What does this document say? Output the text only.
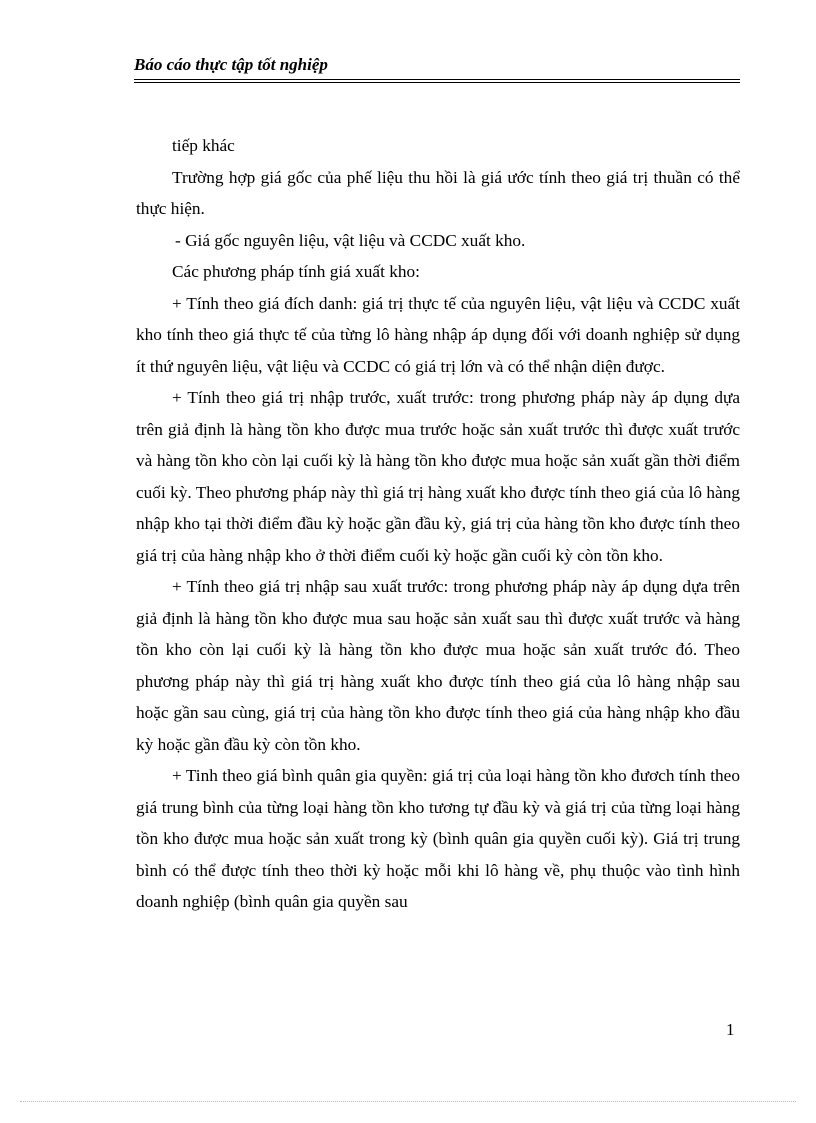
Báo cáo thực tập tốt nghiệp

tiếp khác

Trường hợp giá gốc của phế liệu thu hồi là giá ước tính theo giá trị thuần có thể thực hiện.

- Giá gốc nguyên liệu, vật liệu và CCDC xuất kho.

Các phương pháp tính giá xuất kho:

+ Tính theo giá đích danh: giá trị thực tế của nguyên liệu, vật liệu và CCDC xuất kho tính theo giá thực tế của từng lô hàng nhập áp dụng đối với doanh nghiệp sử dụng ít thứ nguyên liệu, vật liệu và CCDC có giá trị lớn và có thể nhận diện được.

+ Tính theo giá trị nhập trước, xuất trước: trong phương pháp này áp dụng dựa trên giả định là hàng tồn kho được mua trước hoặc sản xuất trước thì được xuất trước và hàng tồn kho còn lại cuối kỳ là hàng tồn kho được mua hoặc sản xuất gần thời điểm cuối kỳ. Theo phương pháp này thì giá trị hàng xuất kho được tính theo giá của lô hàng nhập kho tại thời điểm đầu kỳ hoặc gần đầu kỳ, giá trị của hàng tồn kho được tính theo giá trị của hàng nhập kho ở thời điểm cuối kỳ hoặc gần cuối kỳ còn tồn kho.

+ Tính theo giá trị nhập sau xuất trước: trong phương pháp này áp dụng dựa trên giả định là hàng tồn kho được mua sau hoặc sản xuất sau thì được xuất trước và hàng tồn kho còn lại cuối kỳ là hàng tồn kho được mua hoặc sản xuất trước đó. Theo phương pháp này thì giá trị hàng xuất kho được tính theo giá của lô hàng nhập sau hoặc gần sau cùng, giá trị của hàng tồn kho được tính theo giá của hàng nhập kho đầu kỳ hoặc gần đầu kỳ còn tồn kho.

+ Tinh theo giá bình quân gia quyền: giá trị của loại hàng tồn kho đươch tính theo giá trung bình của từng loại hàng tồn kho tương tự đầu kỳ và giá trị của từng loại hàng tồn kho được mua hoặc sản xuất trong kỳ (bình quân gia quyền cuối kỳ). Giá trị trung bình có thể được tính theo thời kỳ hoặc mỗi khi lô hàng về, phụ thuộc vào tình hình doanh nghiệp (bình quân gia quyền sau

1
